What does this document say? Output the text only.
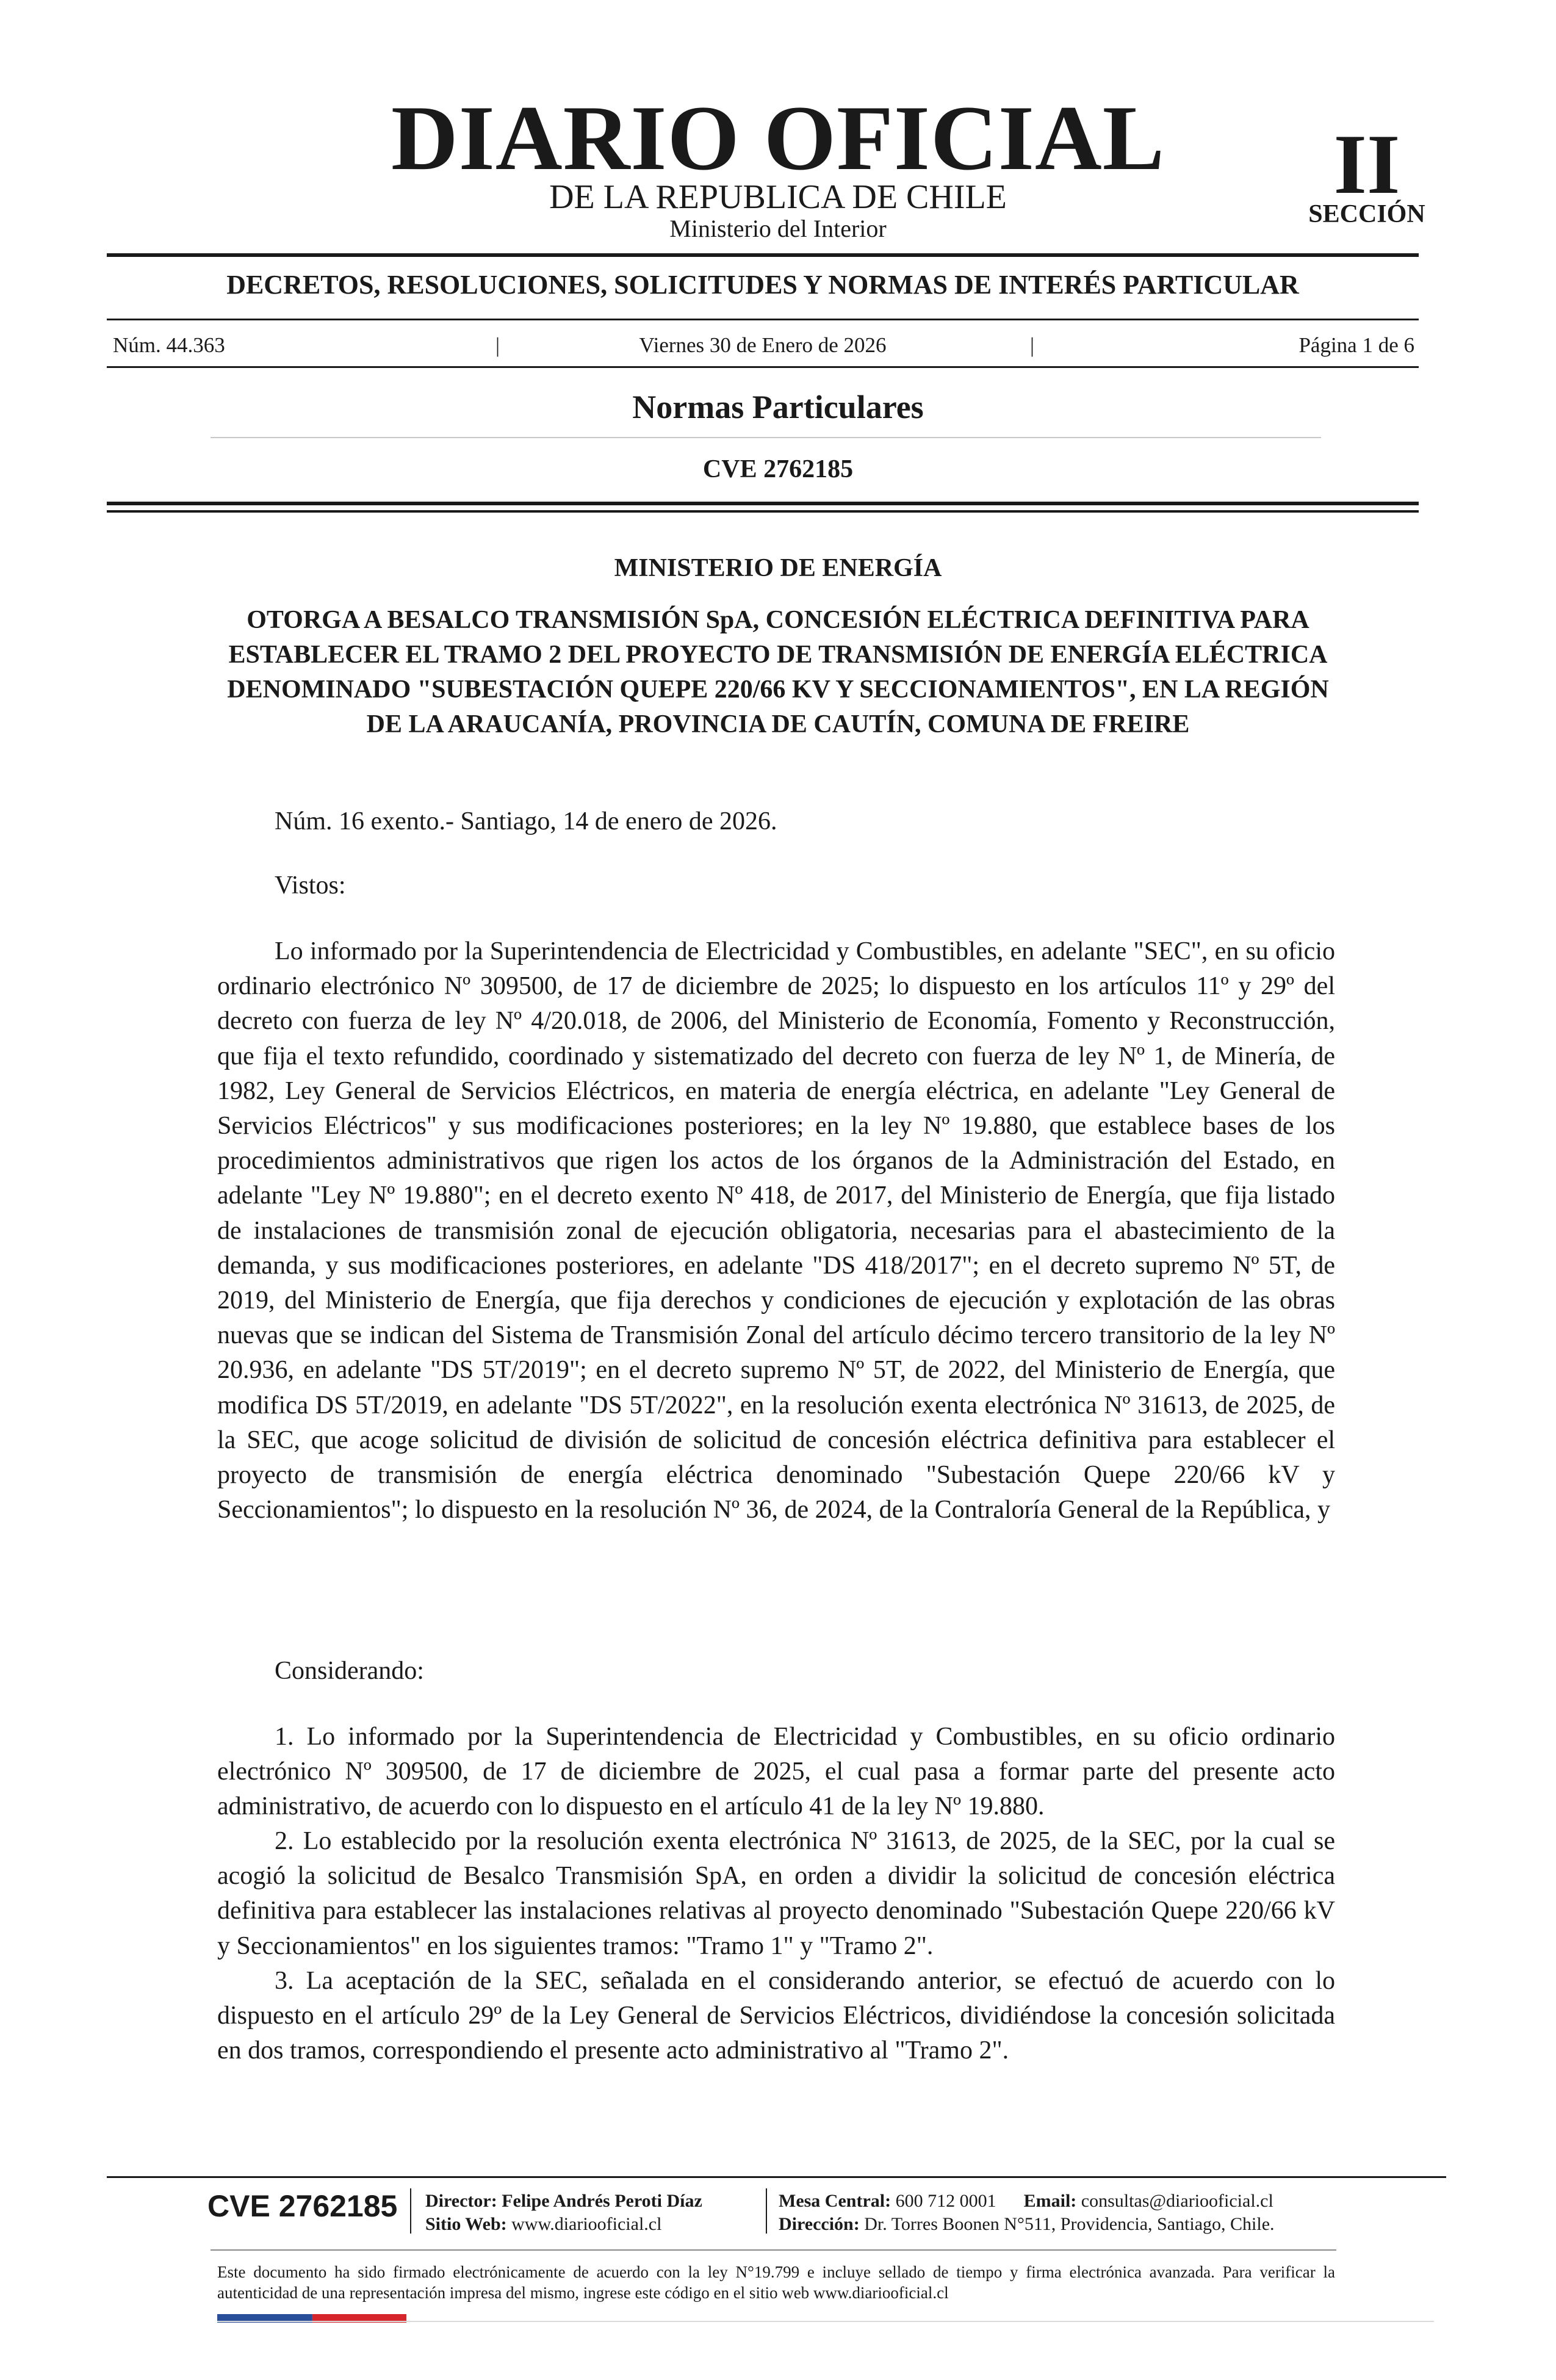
DIARIO OFICIAL
DE LA REPUBLICA DE CHILE
Ministerio del Interior
II
SECCIÓN
DECRETOS, RESOLUCIONES, SOLICITUDES Y NORMAS DE INTERÉS PARTICULAR
Núm. 44.363	|	Viernes 30 de Enero de 2026	|	Página 1 de 6
Normas Particulares
CVE 2762185
MINISTERIO DE ENERGÍA
OTORGA A BESALCO TRANSMISIÓN SpA, CONCESIÓN ELÉCTRICA DEFINITIVA PARA ESTABLECER EL TRAMO 2 DEL PROYECTO DE TRANSMISIÓN DE ENERGÍA ELÉCTRICA DENOMINADO "SUBESTACIÓN QUEPE 220/66 KV Y SECCIONAMIENTOS", EN LA REGIÓN DE LA ARAUCANÍA, PROVINCIA DE CAUTÍN, COMUNA DE FREIRE
Núm. 16 exento.- Santiago, 14 de enero de 2026.
Vistos:
Lo informado por la Superintendencia de Electricidad y Combustibles, en adelante "SEC", en su oficio ordinario electrónico Nº 309500, de 17 de diciembre de 2025; lo dispuesto en los artículos 11º y 29º del decreto con fuerza de ley Nº 4/20.018, de 2006, del Ministerio de Economía, Fomento y Reconstrucción, que fija el texto refundido, coordinado y sistematizado del decreto con fuerza de ley Nº 1, de Minería, de 1982, Ley General de Servicios Eléctricos, en materia de energía eléctrica, en adelante "Ley General de Servicios Eléctricos" y sus modificaciones posteriores; en la ley Nº 19.880, que establece bases de los procedimientos administrativos que rigen los actos de los órganos de la Administración del Estado, en adelante "Ley Nº 19.880"; en el decreto exento Nº 418, de 2017, del Ministerio de Energía, que fija listado de instalaciones de transmisión zonal de ejecución obligatoria, necesarias para el abastecimiento de la demanda, y sus modificaciones posteriores, en adelante "DS 418/2017"; en el decreto supremo Nº 5T, de 2019, del Ministerio de Energía, que fija derechos y condiciones de ejecución y explotación de las obras nuevas que se indican del Sistema de Transmisión Zonal del artículo décimo tercero transitorio de la ley Nº 20.936, en adelante "DS 5T/2019"; en el decreto supremo Nº 5T, de 2022, del Ministerio de Energía, que modifica DS 5T/2019, en adelante "DS 5T/2022", en la resolución exenta electrónica Nº 31613, de 2025, de la SEC, que acoge solicitud de división de solicitud de concesión eléctrica definitiva para establecer el proyecto de transmisión de energía eléctrica denominado "Subestación Quepe 220/66 kV y Seccionamientos"; lo dispuesto en la resolución Nº 36, de 2024, de la Contraloría General de la República, y
Considerando:
1. Lo informado por la Superintendencia de Electricidad y Combustibles, en su oficio ordinario electrónico Nº 309500, de 17 de diciembre de 2025, el cual pasa a formar parte del presente acto administrativo, de acuerdo con lo dispuesto en el artículo 41 de la ley Nº 19.880.
2. Lo establecido por la resolución exenta electrónica Nº 31613, de 2025, de la SEC, por la cual se acogió la solicitud de Besalco Transmisión SpA, en orden a dividir la solicitud de concesión eléctrica definitiva para establecer las instalaciones relativas al proyecto denominado "Subestación Quepe 220/66 kV y Seccionamientos" en los siguientes tramos: "Tramo 1" y "Tramo 2".
3. La aceptación de la SEC, señalada en el considerando anterior, se efectuó de acuerdo con lo dispuesto en el artículo 29º de la Ley General de Servicios Eléctricos, dividiéndose la concesión solicitada en dos tramos, correspondiendo el presente acto administrativo al "Tramo 2".
CVE 2762185 Director: Felipe Andrés Peroti Díaz
Sitio Web: www.diariooficial.cl
Mesa Central: 600 712 0001 Email: consultas@diariooficial.cl
Dirección: Dr. Torres Boonen N°511, Providencia, Santiago, Chile.
Este documento ha sido firmado electrónicamente de acuerdo con la ley N°19.799 e incluye sellado de tiempo y firma electrónica avanzada. Para verificar la autenticidad de una representación impresa del mismo, ingrese este código en el sitio web www.diariooficial.cl
